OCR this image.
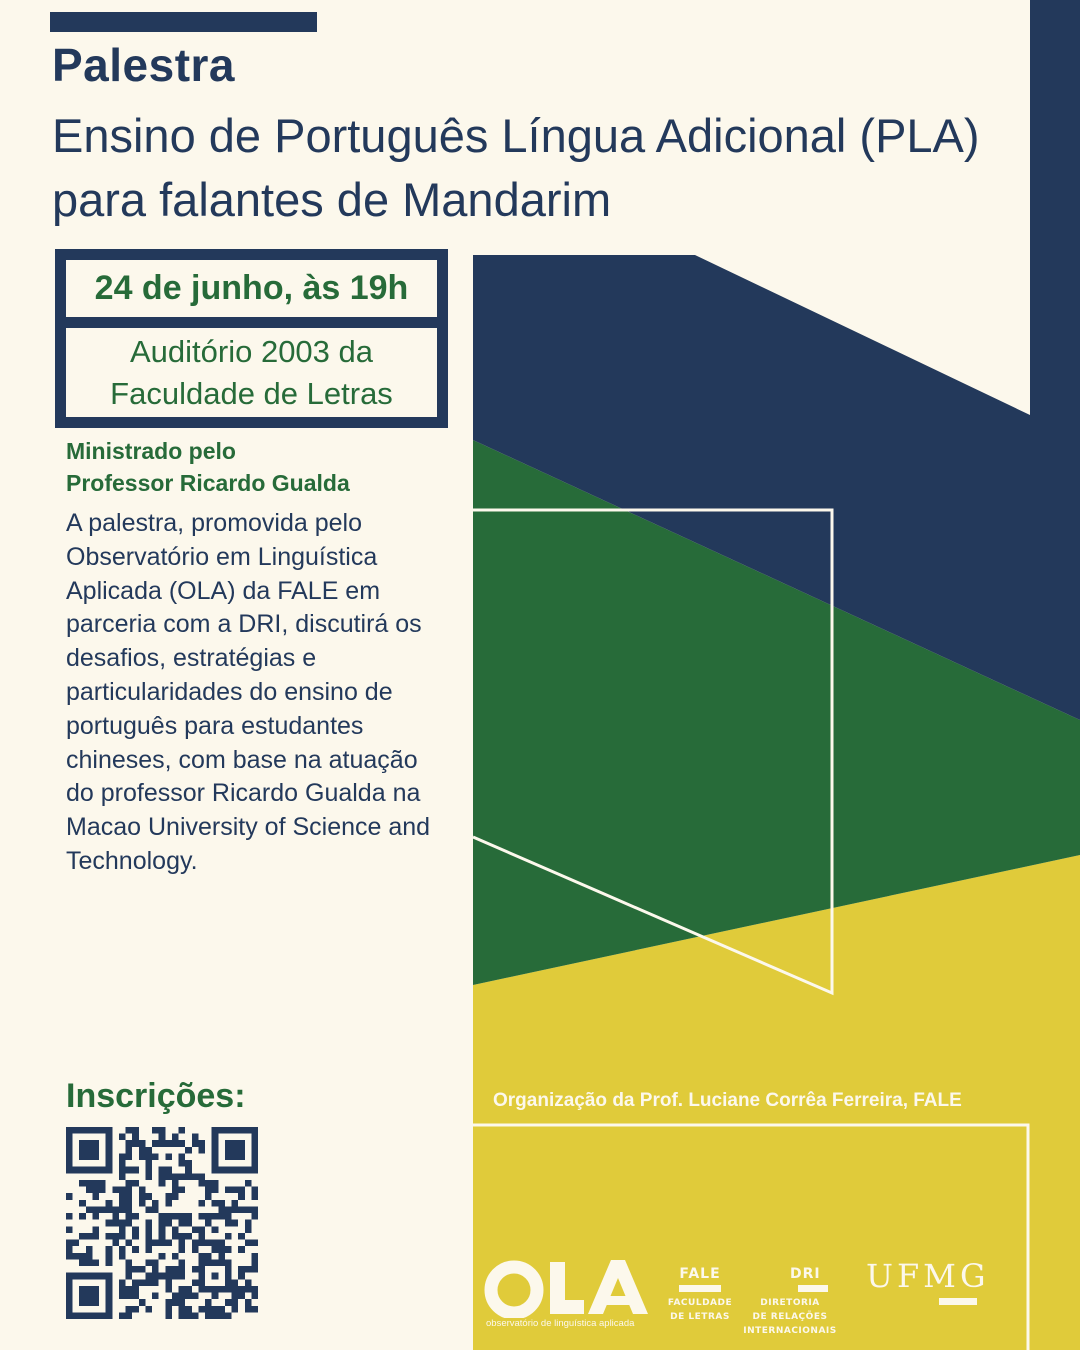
Palestra
Ensino de Português Língua Adicional (PLA) para falantes de Mandarim
24 de junho, às 19h
Auditório 2003 da
Faculdade de Letras
Ministrado pelo
Professor Ricardo Gualda
A palestra, promovida pelo Observatório em Linguística Aplicada (OLA) da FALE em parceria com a DRI, discutirá os desafios, estratégias e particularidades do ensino de português para estudantes chineses, com base na atuação do professor Ricardo Gualda na Macao University of Science and Technology.
Inscrições:	Organização da Prof. Luciane Corrêa Ferreira, FALE
observatório de linguística aplicada
FALE
FACULDADE
DE LETRAS
DRI
DIRETORIA
DE RELAÇÕES
INTERNACIONAIS
UFMG
